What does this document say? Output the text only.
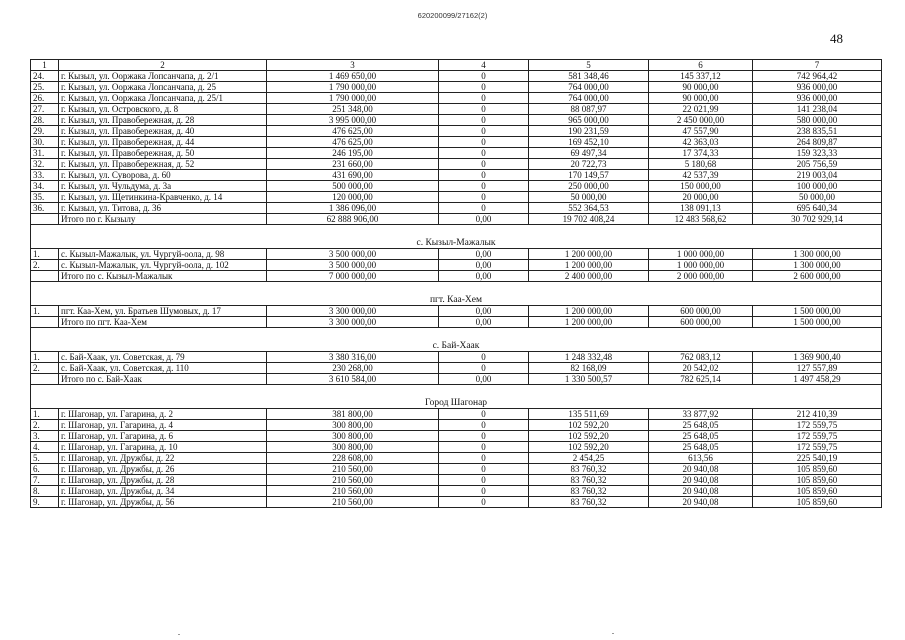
620200099/27162(2)
48
1	2	3	4	5	6	7
24.	г. Кызыл, ул. Ооржака Лопсанчапа, д. 2/1	1 469 650,00	0	581 348,46	145 337,12	742 964,42
25.	г. Кызыл, ул. Ооржака Лопсанчапа, д. 25	1 790 000,00	0	764 000,00	90 000,00	936 000,00
26.	г. Кызыл, ул. Ооржака Лопсанчапа, д. 25/1	1 790 000,00	0	764 000,00	90 000,00	936 000,00
27.	г. Кызыл, ул. Островского, д. 8	251 348,00	0	88 087,97	22 021,99	141 238,04
28.	г. Кызыл, ул. Правобережная, д. 28	3 995 000,00	0	965 000,00	2 450 000,00	580 000,00
29.	г. Кызыл, ул. Правобережная, д. 40	476 625,00	0	190 231,59	47 557,90	238 835,51
30.	г. Кызыл, ул. Правобережная, д. 44	476 625,00	0	169 452,10	42 363,03	264 809,87
31.	г. Кызыл, ул. Правобережная, д. 50	246 195,00	0	69 497,34	17 374,33	159 323,33
32.	г. Кызыл, ул. Правобережная, д. 52	231 660,00	0	20 722,73	5 180,68	205 756,59
33.	г. Кызыл, ул. Суворова, д. 60	431 690,00	0	170 149,57	42 537,39	219 003,04
34.	г. Кызыл, ул. Чульдума, д. 3а	500 000,00	0	250 000,00	150 000,00	100 000,00
35.	г. Кызыл, ул. Щетинкина-Кравченко, д. 14	120 000,00	0	50 000,00	20 000,00	50 000,00
36.	г. Кызыл, ул. Титова, д. 36	1 386 096,00	0	552 364,53	138 091,13	695 640,34
	Итого по г. Кызылу	62 888 906,00	0,00	19 702 408,24	12 483 568,62	30 702 929,14
с. Кызыл-Мажалык						
1.	с. Кызыл-Мажалык, ул. Чургуй-оола, д. 98	3 500 000,00	0,00	1 200 000,00	1 000 000,00	1 300 000,00
2.	с. Кызыл-Мажалык, ул. Чургуй-оола, д. 102	3 500 000,00	0,00	1 200 000,00	1 000 000,00	1 300 000,00
	Итого по с. Кызыл-Мажалык	7 000 000,00	0,00	2 400 000,00	2 000 000,00	2 600 000,00
пгт. Каа-Хем						
1.	пгт. Каа-Хем, ул. Братьев Шумовых, д. 17	3 300 000,00	0,00	1 200 000,00	600 000,00	1 500 000,00
	Итого по пгт. Каа-Хем	3 300 000,00	0,00	1 200 000,00	600 000,00	1 500 000,00
с. Бай-Хаак						
1.	с. Бай-Хаак, ул. Советская, д. 79	3 380 316,00	0	1 248 332,48	762 083,12	1 369 900,40
2.	с. Бай-Хаак, ул. Советская, д. 110	230 268,00	0	82 168,09	20 542,02	127 557,89
	Итого по с. Бай-Хаак	3 610 584,00	0,00	1 330 500,57	782 625,14	1 497 458,29
Город Шагонар						
1.	г. Шагонар, ул. Гагарина, д. 2	381 800,00	0	135 511,69	33 877,92	212 410,39
2.	г. Шагонар, ул. Гагарина, д. 4	300 800,00	0	102 592,20	25 648,05	172 559,75
3.	г. Шагонар, ул. Гагарина, д. 6	300 800,00	0	102 592,20	25 648,05	172 559,75
4.	г. Шагонар, ул. Гагарина, д. 10	300 800,00	0	102 592,20	25 648,05	172 559,75
5.	г. Шагонар, ул. Дружбы, д. 22	228 608,00	0	2 454,25	613,56	225 540,19
6.	г. Шагонар, ул. Дружбы, д. 26	210 560,00	0	83 760,32	20 940,08	105 859,60
7.	г. Шагонар, ул. Дружбы, д. 28	210 560,00	0	83 760,32	20 940,08	105 859,60
8.	г. Шагонар, ул. Дружбы, д. 34	210 560,00	0	83 760,32	20 940,08	105 859,60
9.	г. Шагонар, ул. Дружбы, д. 56	210 560,00	0	83 760,32	20 940,08	105 859,60
